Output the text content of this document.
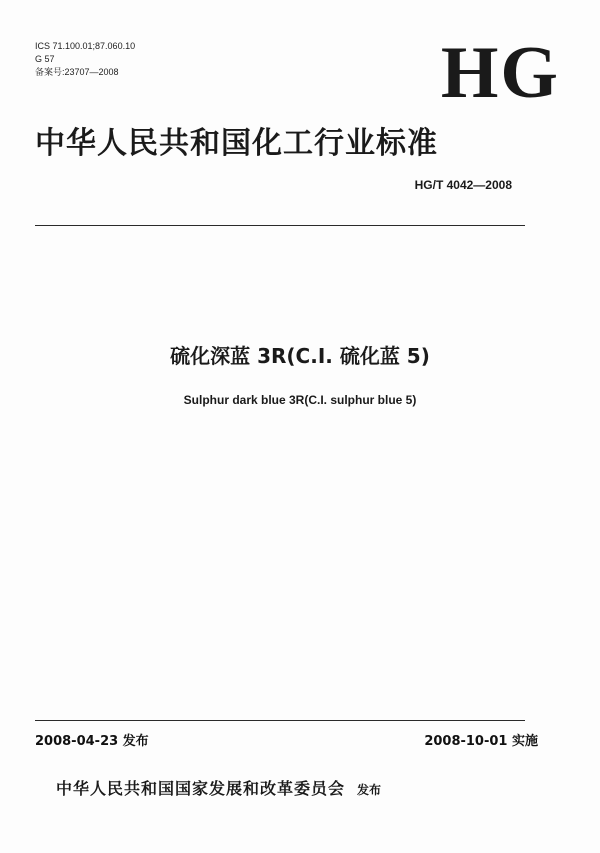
ICS 71.100.01;87.060.10
G 57
备案号:23707—2008	HG
中华人民共和国化工行业标准
HG/T 4042—2008
硫化深蓝 3R(C.I. 硫化蓝 5)
Sulphur dark blue 3R(C.I. sulphur blue 5)
2008-04-23 发布	2008-10-01 实施
中华人民共和国国家发展和改革委员会 发布
